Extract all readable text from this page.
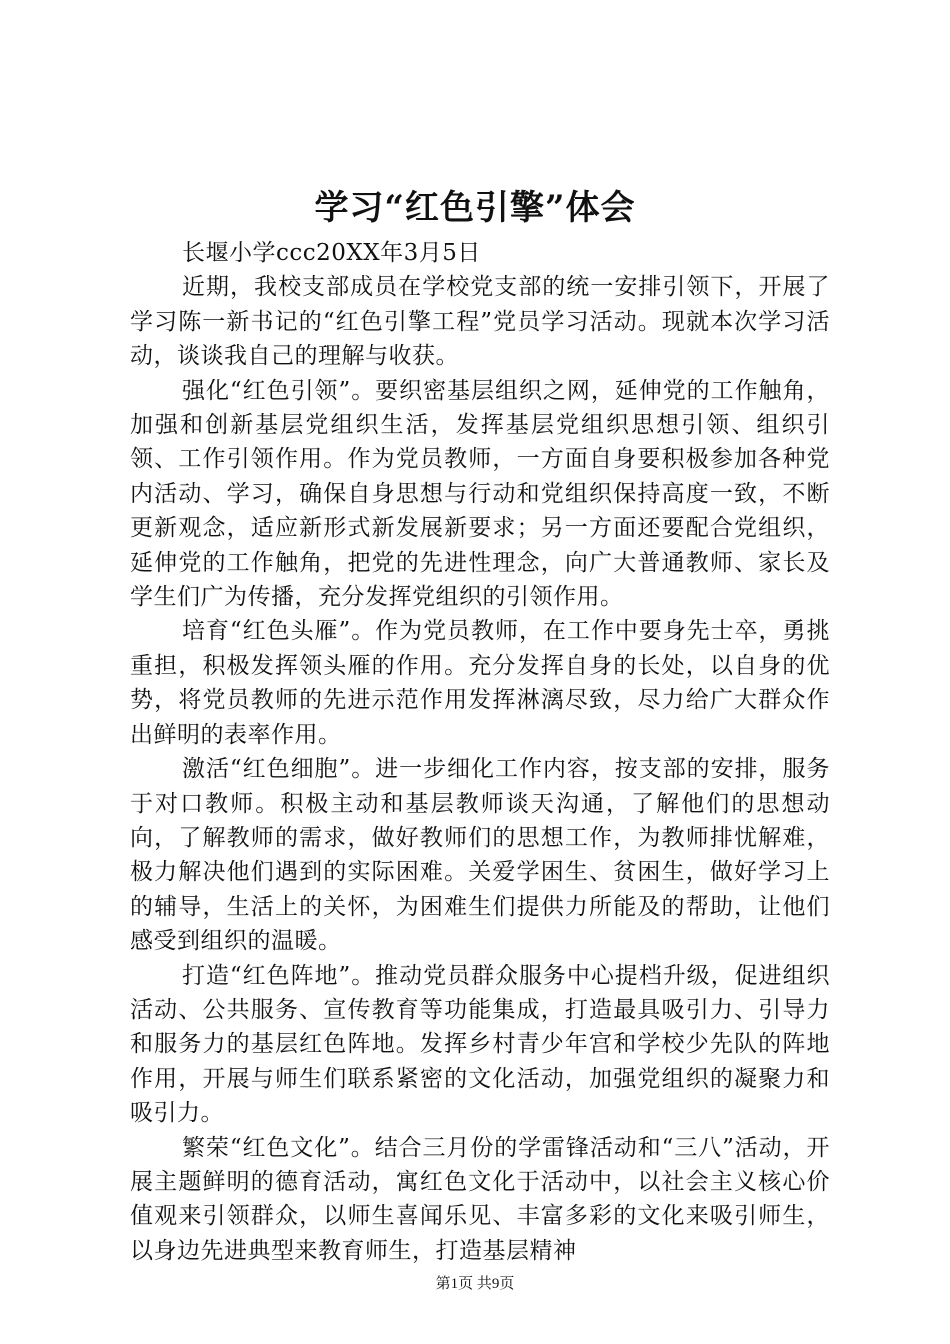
学习“红色引擎”体会

长堰小学ccc20XX年3月5日

近期，我校支部成员在学校党支部的统一安排引领下，开展了学习陈一新书记的“红色引擎工程”党员学习活动。现就本次学习活动，谈谈我自己的理解与收获。

强化“红色引领”。要织密基层组织之网，延伸党的工作触角，加强和创新基层党组织生活，发挥基层党组织思想引领、组织引领、工作引领作用。作为党员教师，一方面自身要积极参加各种党内活动、学习，确保自身思想与行动和党组织保持高度一致，不断更新观念，适应新形式新发展新要求；另一方面还要配合党组织，延伸党的工作触角，把党的先进性理念，向广大普通教师、家长及学生们广为传播，充分发挥党组织的引领作用。

培育“红色头雁”。作为党员教师，在工作中要身先士卒，勇挑重担，积极发挥领头雁的作用。充分发挥自身的长处，以自身的优势，将党员教师的先进示范作用发挥淋漓尽致，尽力给广大群众作出鲜明的表率作用。

激活“红色细胞”。进一步细化工作内容，按支部的安排，服务于对口教师。积极主动和基层教师谈天沟通，了解他们的思想动向，了解教师的需求，做好教师们的思想工作，为教师排忧解难，极力解决他们遇到的实际困难。关爱学困生、贫困生，做好学习上的辅导，生活上的关怀，为困难生们提供力所能及的帮助，让他们感受到组织的温暖。

打造“红色阵地”。推动党员群众服务中心提档升级，促进组织活动、公共服务、宣传教育等功能集成，打造最具吸引力、引导力和服务力的基层红色阵地。发挥乡村青少年宫和学校少先队的阵地作用，开展与师生们联系紧密的文化活动，加强党组织的凝聚力和吸引力。

繁荣“红色文化”。结合三月份的学雷锋活动和“三八”活动，开展主题鲜明的德育活动，寓红色文化于活动中，以社会主义核心价值观来引领群众，以师生喜闻乐见、丰富多彩的文化来吸引师生，以身边先进典型来教育师生，打造基层精神

第1页 共9页
